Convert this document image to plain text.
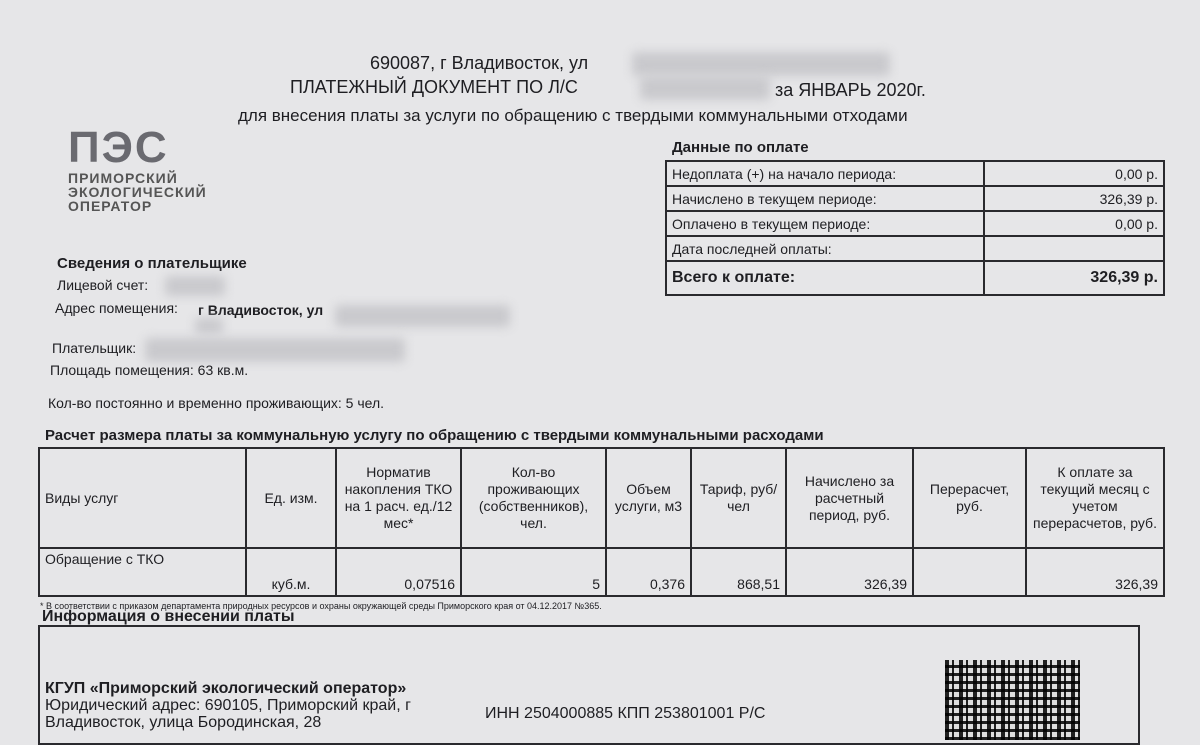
690087, г Владивосток, ул
ПЛАТЕЖНЫЙ ДОКУМЕНТ ПО Л/С	за ЯНВАРЬ 2020г.
для внесения платы за услуги по обращению с твердыми коммунальными отходами
ПЭС
ПРИМОРСКИЙ
ЭКОЛОГИЧЕСКИЙ
ОПЕРАТОР
Данные по оплате
Недоплата (+) на начало периода:	0,00 р.
Начислено в текущем периоде:	326,39 р.
Оплачено в текущем периоде:	0,00 р.
Дата последней оплаты:	
Всего к оплате:	326,39 р.
Сведения о плательщике
Лицевой счет:
Адрес помещения: г Владивосток, ул
Плательщик:
Площадь помещения: 63 кв.м.
Кол-во постоянно и временно проживающих: 5 чел.
Расчет размера платы за коммунальную услугу по обращению с твердыми коммунальными расходами
Виды услуг	Ед. изм.	Норматив накопления ТКО на 1 расч. ед./12 мес*	Кол-во проживающих (собственников), чел.	Объем услуги, м3	Тариф, руб/чел	Начислено за расчетный период, руб.	Перерасчет, руб.	К оплате за текущий месяц с учетом перерасчетов, руб.
Обращение с ТКО	куб.м.	0,07516	5	0,376	868,51	326,39		326,39
* В соответствии с приказом департамента природных ресурсов и охраны окружающей среды Приморского края от 04.12.2017 №365.
Информация о внесении платы
КГУП «Приморский экологический оператор»
Юридический адрес: 690105, Приморский край, г
Владивосток, улица Бородинская, 28
ИНН 2504000885 КПП 253801001 Р/С
